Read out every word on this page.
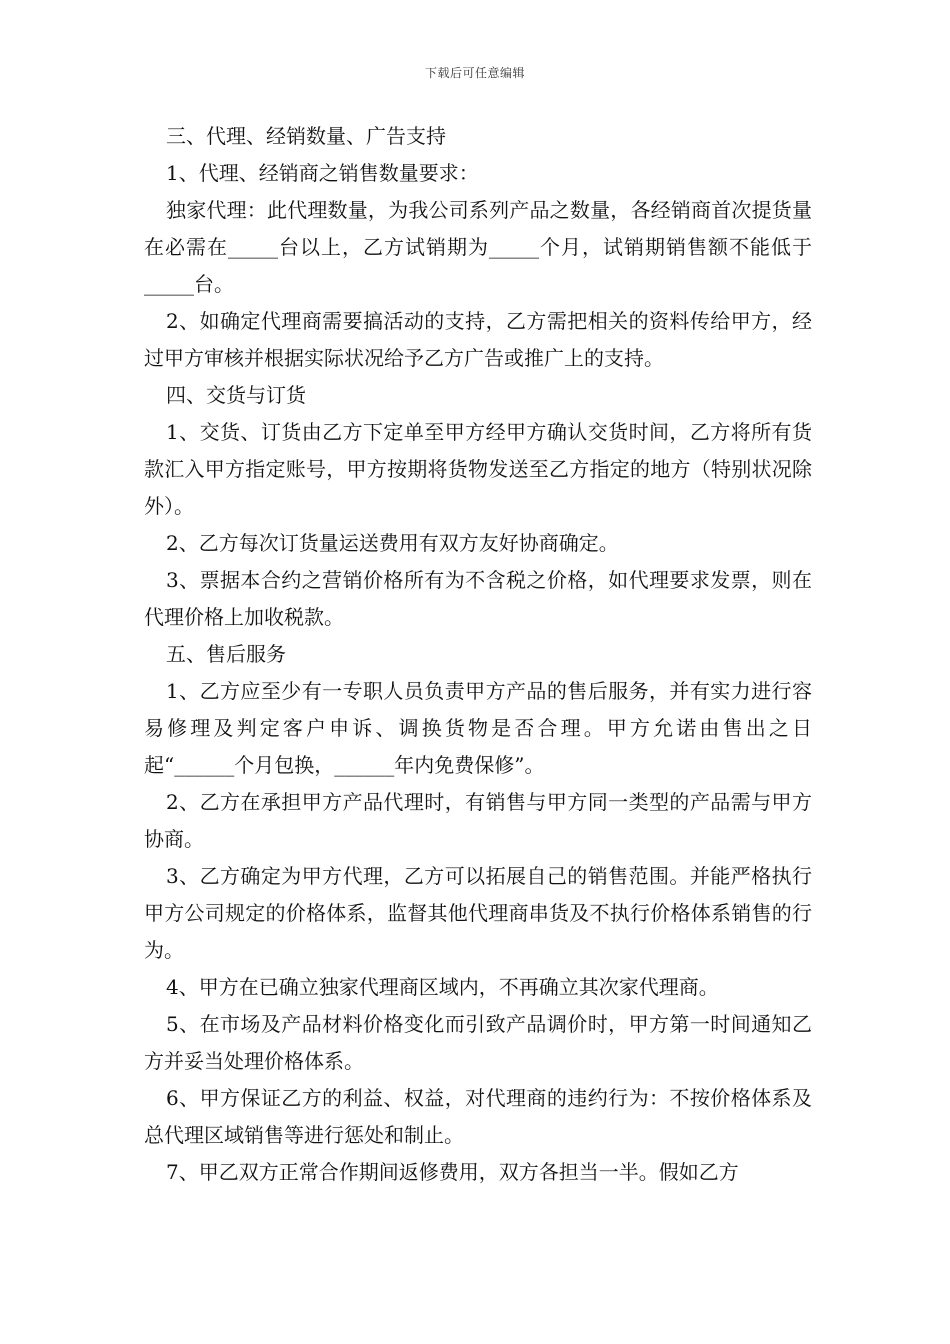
下载后可任意编辑

三、代理、经销数量、广告支持

1、代理、经销商之销售数量要求：

独家代理：此代理数量，为我公司系列产品之数量，各经销商首次提货量在必需在_____台以上，乙方试销期为_____个月，试销期销售额不能低于_____台。

2、如确定代理商需要搞活动的支持，乙方需把相关的资料传给甲方，经过甲方审核并根据实际状况给予乙方广告或推广上的支持。

四、交货与订货

1、交货、订货由乙方下定单至甲方经甲方确认交货时间，乙方将所有货款汇入甲方指定账号，甲方按期将货物发送至乙方指定的地方（特别状况除外）。

2、乙方每次订货量运送费用有双方友好协商确定。

3、票据本合约之营销价格所有为不含税之价格，如代理要求发票，则在代理价格上加收税款。

五、售后服务

1、乙方应至少有一专职人员负责甲方产品的售后服务，并有实力进行容易修理及判定客户申诉、调换货物是否合理。甲方允诺由售出之日起“______个月包换，______年内免费保修”。

2、乙方在承担甲方产品代理时，有销售与甲方同一类型的产品需与甲方协商。

3、乙方确定为甲方代理，乙方可以拓展自己的销售范围。并能严格执行甲方公司规定的价格体系，监督其他代理商串货及不执行价格体系销售的行为。

4、甲方在已确立独家代理商区域内，不再确立其次家代理商。

5、在市场及产品材料价格变化而引致产品调价时，甲方第一时间通知乙方并妥当处理价格体系。

6、甲方保证乙方的利益、权益，对代理商的违约行为：不按价格体系及总代理区域销售等进行惩处和制止。

7、甲乙双方正常合作期间返修费用，双方各担当一半。假如乙方
